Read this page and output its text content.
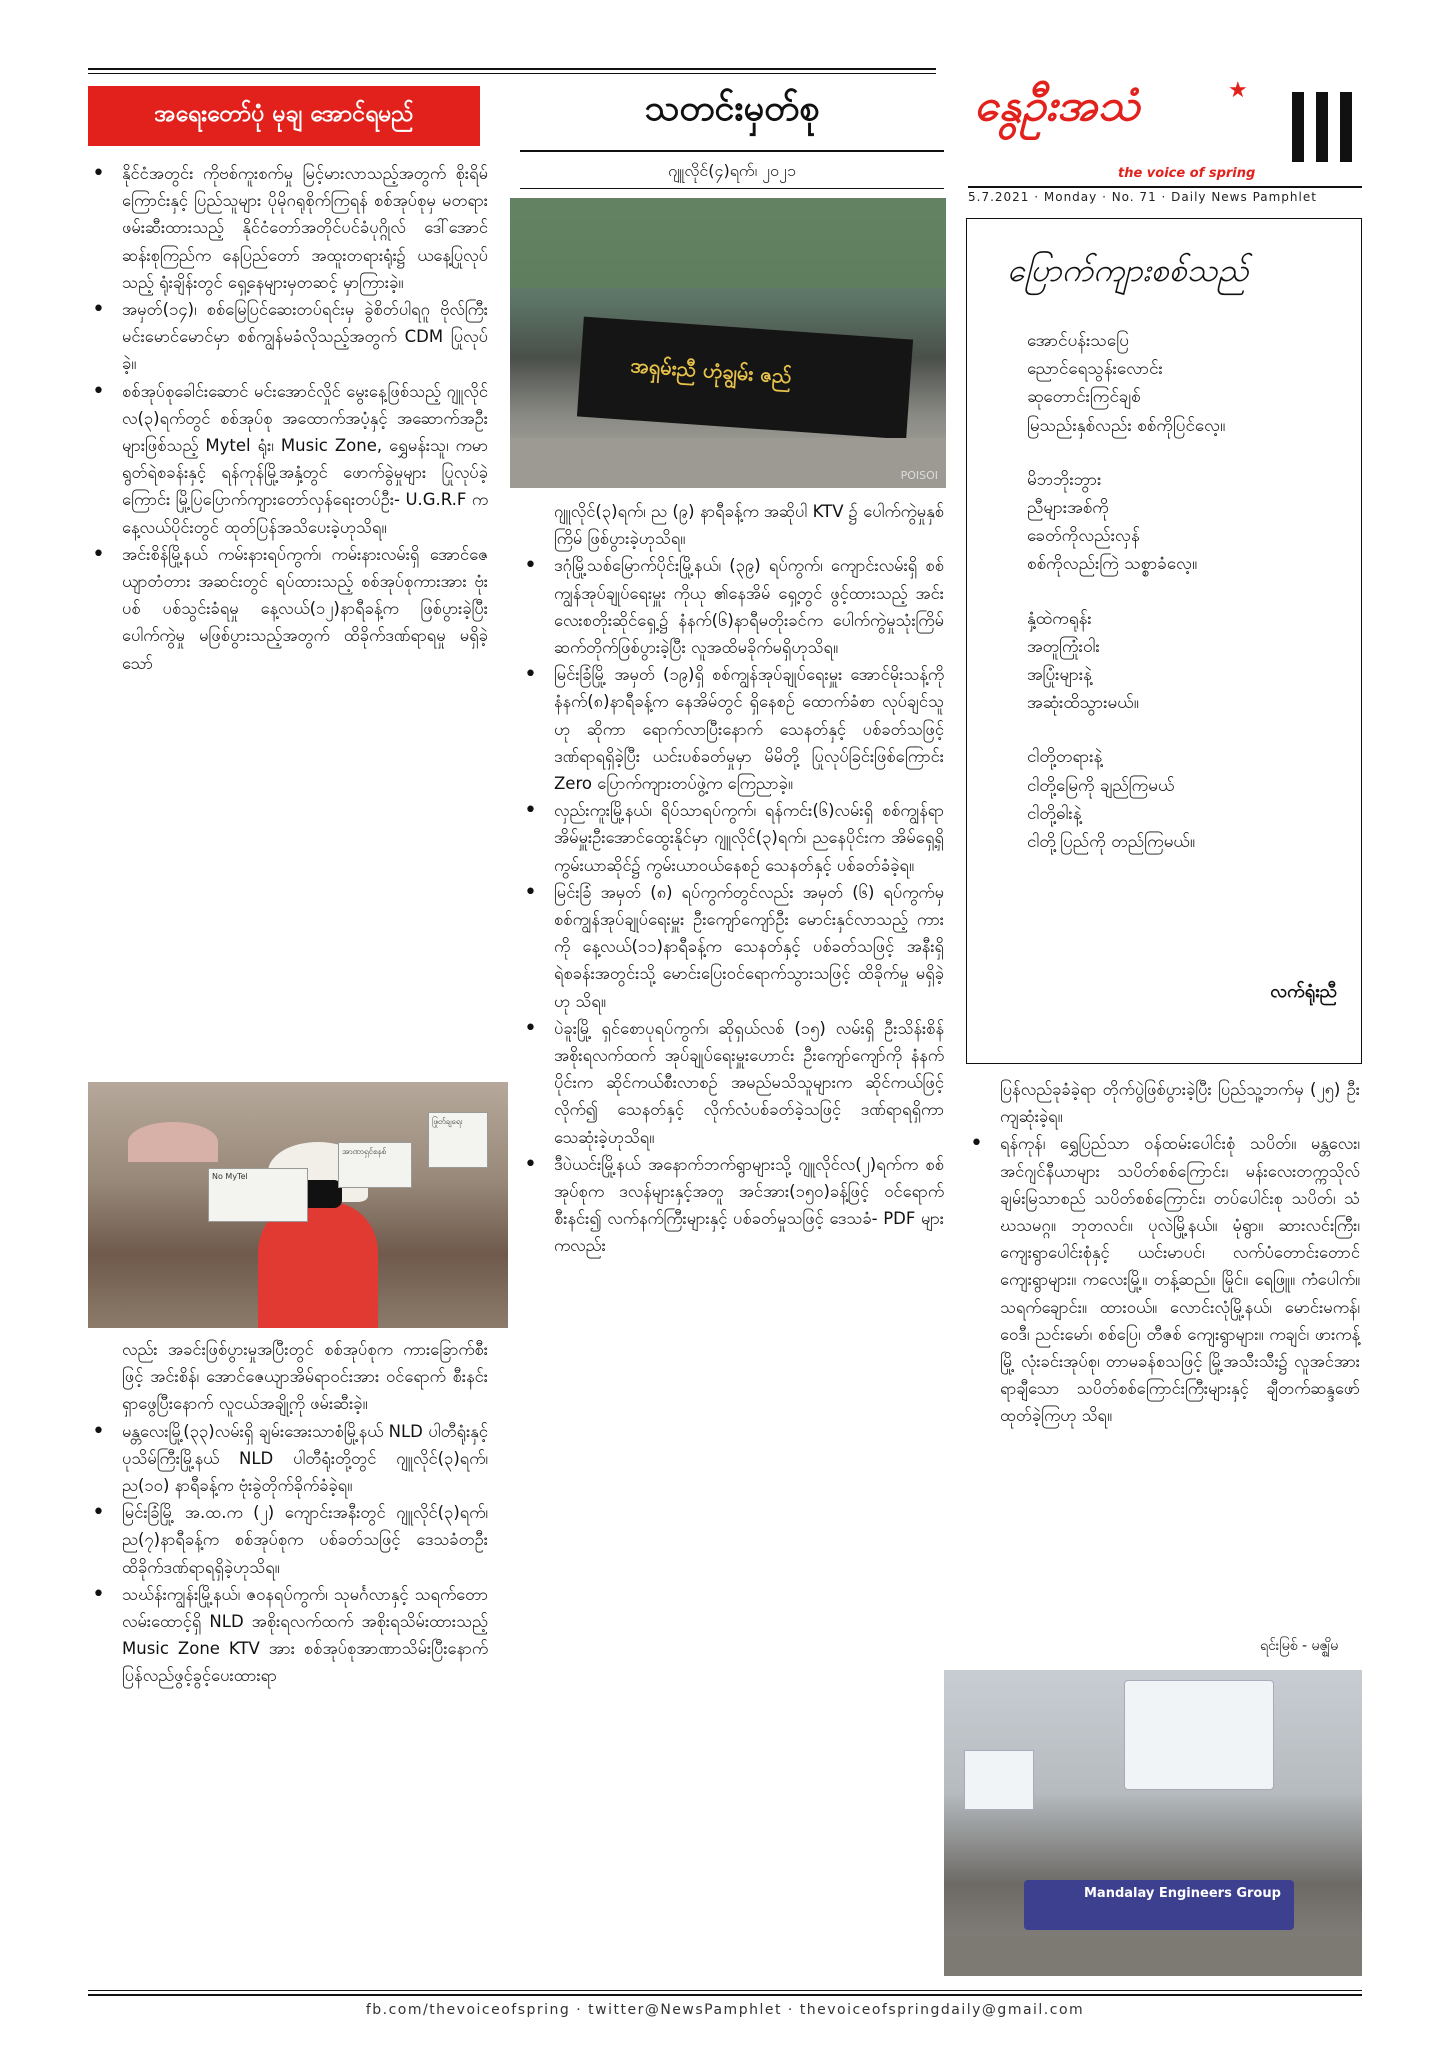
အရေးတော်ပုံ မုချ အောင်ရမည်
• နိုင်ငံအတွင်း ကိုဗစ်ကူးစက်မှု မြင့်မားလာသည့်အတွက် စိုးရိမ်ကြောင်းနှင့် ပြည်သူများ ပိုမိုဂရုစိုက်ကြရန် စစ်အုပ်စုမှ မတရားဖမ်းဆီးထားသည့် နိုင်ငံတော်အတိုင်ပင်ခံပုဂ္ဂိုလ် ဒေါ်အောင်ဆန်းစုကြည်က နေပြည်တော် အထူးတရားရုံး၌ ယနေ့ပြုလုပ်သည့် ရုံးချိန်းတွင် ရှေ့နေများမှတဆင့် မှာကြားခဲ့။
• အမှတ်(၁၄)၊ စစ်မြေပြင်ဆေးတပ်ရင်းမှ ခွဲစိတ်ပါရဂူ ဗိုလ်ကြီးမင်းမောင်မောင်မှာ စစ်ကျွန်မခံလိုသည့်အတွက် CDM ပြုလုပ်ခဲ့။
• စစ်အုပ်စုခေါင်းဆောင် မင်းအောင်လှိုင် မွေးနေ့ဖြစ်သည့် ဂျူလိုင်လ(၃)ရက်တွင် စစ်အုပ်စု အထောက်အပံ့နှင့် အဆောက်အဦးများဖြစ်သည့် Mytel ရုံး၊ Music Zone, ရွှေမန်းသူ၊ ကမာရွတ်ရဲစခန်းနှင့် ရန်ကုန်မြို့အနှံ့တွင် ဖောက်ခွဲမှုများ ပြုလုပ်ခဲ့ကြောင်း မြို့ပြပြောက်ကျားတော်လှန်ရေးတပ်ဦး- U.G.R.F က နေ့လယ်ပိုင်းတွင် ထုတ်ပြန်အသိပေးခဲ့ဟုသိရ။
• အင်းစိန်မြို့နယ် ကမ်းနားရပ်ကွက်၊ ကမ်းနားလမ်းရှိ အောင်ဇေယျာတံတား အဆင်းတွင် ရပ်ထားသည့် စစ်အုပ်စုကားအား ဗုံးပစ် ပစ်သွင်းခံရမှု နေ့လယ်(၁၂)နာရီခန့်က ဖြစ်ပွားခဲ့ပြီး ပေါက်ကွဲမှု မဖြစ်ပွားသည့်အတွက် ထိခိုက်ဒဏ်ရာရမှု မရှိခဲ့သော်
No MyTel
အာဏာရှင်စနစ်
ဖြုတ်ချရေး

လည်း အခင်းဖြစ်ပွားမှုအပြီးတွင် စစ်အုပ်စုက ကားခြောက်စီးဖြင့် အင်းစိန်၊ အောင်ဇေယျာအိမ်ရာဝင်းအား ဝင်ရောက် စီးနင်းရှာဖွေပြီးနောက် လူငယ်အချို့ကို ဖမ်းဆီးခဲ့။

• မန္တလေးမြို့(၃၃)လမ်းရှိ ချမ်းအေးသာစံမြို့နယ် NLD ပါတီရုံးနှင့် ပုသိမ်ကြီးမြို့နယ် NLD ပါတီရုံးတို့တွင် ဂျူလိုင်(၃)ရက်၊ ည(၁၀) နာရီခန့်က ဗုံးခွဲတိုက်ခိုက်ခံခဲ့ရ။
• မြင်းခြံမြို့ အ.ထ.က (၂) ကျောင်းအနီးတွင် ဂျူလိုင်(၃)ရက်၊ ည(၇)နာရီခန့်က စစ်အုပ်စုက ပစ်ခတ်သဖြင့် ဒေသခံတဦး ထိခိုက်ဒဏ်ရာရရှိခဲ့ဟုသိရ။
• သဃ်န်းကျွန်းမြို့နယ်၊ ဇဝနရပ်ကွက်၊ သုမင်္ဂလာနှင့် သရက်တောလမ်းထောင့်ရှိ NLD အစိုးရလက်ထက် အစိုးရသိမ်းထားသည့် Music Zone KTV အား စစ်အုပ်စုအာဏာသိမ်းပြီးနောက် ပြန်လည်ဖွင့်ခွင့်ပေးထားရာ
သတင်းမှတ်စု
ဂျူလိုင်(၄)ရက်၊ ၂၀၂၁
အရှမ်းညီ ဟုံချွမ်း ဇည်
POISOI

ဂျူလိုင်(၃)ရက်၊ ည (၉) နာရီခန့်က အဆိုပါ KTV ၌ ပေါက်ကွဲမှုနှစ်ကြိမ် ဖြစ်ပွားခဲ့ဟုသိရ။

• ဒဂုံမြို့သစ်မြောက်ပိုင်းမြို့နယ်၊ (၃၉) ရပ်ကွက်၊ ကျောင်းလမ်းရှိ စစ်ကျွန်အုပ်ချုပ်ရေးမှူး ကိုယု ၏နေအိမ် ရှေ့တွင် ဖွင့်ထားသည့် အင်းလေးစတိုးဆိုင်ရှေ့၌ နံနက်(၆)နာရီမတိုးခင်က ပေါက်ကွဲမှုသုံးကြိမ် ဆက်တိုက်ဖြစ်ပွားခဲ့ပြီး လူအထိမခိုက်မရှိဟုသိရ။
• မြင်းခြံမြို့ အမှတ် (၁၉)ရှိ စစ်ကျွန်အုပ်ချုပ်ရေးမှူး အောင်မိုးသန့်ကို နံနက်(၈)နာရီခန့်က နေအိမ်တွင် ရှိနေစဉ် ထောက်ခံစာ လုပ်ချင်သူဟု ဆိုကာ ရောက်လာပြီးနောက် သေနတ်နှင့် ပစ်ခတ်သဖြင့် ဒဏ်ရာရရှိခဲ့ပြီး ယင်းပစ်ခတ်မှုမှာ မိမိတို့ ပြုလုပ်ခြင်းဖြစ်ကြောင်း Zero ပြောက်ကျားတပ်ဖွဲ့က ကြေညာခဲ့။
• လှည်းကူးမြို့နယ်၊ ရိပ်သာရပ်ကွက်၊ ရန်ကင်း(၆)လမ်းရှိ စစ်ကျွန်ရာအိမ်မှူးဦးအောင်ထွေးနိုင်မှာ ဂျူလိုင်(၃)ရက်၊ ညနေပိုင်းက အိမ်ရှေ့ရှိ ကွမ်းယာဆိုင်၌ ကွမ်းယာဝယ်နေစဉ် သေနတ်နှင့် ပစ်ခတ်ခံခဲ့ရ။
• မြင်းခြံ အမှတ် (၈) ရပ်ကွက်တွင်လည်း အမှတ် (၆) ရပ်ကွက်မှ စစ်ကျွန်အုပ်ချုပ်ရေးမှူး ဦးကျော်ကျော်ဦး မောင်းနှင်လာသည့် ကားကို နေ့လယ်(၁၁)နာရီခန့်က သေနတ်နှင့် ပစ်ခတ်သဖြင့် အနီးရှိ ရဲစခန်းအတွင်းသို့ မောင်းပြေးဝင်ရောက်သွားသဖြင့် ထိခိုက်မှု မရှိခဲ့ဟု သိရ။
• ပဲခူးမြို့ ရှင်စောပုရပ်ကွက်၊ ဆိုရှယ်လစ် (၁၅) လမ်းရှိ ဦးသိန်းစိန်အစိုးရလက်ထက် အုပ်ချုပ်ရေးမှူးဟောင်း ဦးကျော်ကျော်ကို နံနက်ပိုင်းက ဆိုင်ကယ်စီးလာစဉ် အမည်မသိသူများက ဆိုင်ကယ်ဖြင့် လိုက်၍ သေနတ်နှင့် လိုက်လံပစ်ခတ်ခဲ့သဖြင့် ဒဏ်ရာရရှိကာ သေဆုံးခဲ့ဟုသိရ။
• ဒီပဲယင်းမြို့နယ် အနောက်ဘက်ရွာများသို့ ဂျူလိုင်လ(၂)ရက်က စစ်အုပ်စုက ဒလန်များနှင့်အတူ အင်အား(၁၅၀)ခန့်ဖြင့် ဝင်ရောက်စီးနင်း၍ လက်နက်ကြီးများနှင့် ပစ်ခတ်မှုသဖြင့် ဒေသခံ- PDF များကလည်း
နွေဦးအသံ	★
the voice of spring
5.7.2021 · Monday · No. 71 · Daily News Pamphlet
ပြောက်ကျားစစ်သည်
အောင်ပန်းသပြေ
ညောင်ရေသွန်းလောင်း
ဆုတောင်းကြင်ချစ်
မြသည်းနှစ်လည်း စစ်ကိုပြင်လေ့။
မိဘဘိုးဘွား
ညီများအစ်ကို
ခေတ်ကိုလည်းလှန်
စစ်ကိုလည်းကြဲ သစ္စာခံလေ့။
နှံ့ထဲကရုန်း
အတူကြုံးဝါး
အပြုံးများနဲ့
အဆုံးထိသွားမယ်။
ငါတို့တရားနဲ့
ငါတို့မြေကို ချည်ကြမယ်
ငါတို့ဓါးနဲ့
ငါတို့ပြည်ကို တည်ကြမယ်။
လက်ရုံးညီ

ပြန်လည်ခုခံခဲ့ရာ တိုက်ပွဲဖြစ်ပွားခဲ့ပြီး ပြည်သူ့ဘက်မှ (၂၅) ဦးကျဆုံးခဲ့ရ။

• ရန်ကုန်၊ ရွှေပြည်သာ ဝန်ထမ်းပေါင်းစုံ သပိတ်။ မန္တလေး၊ အင်ဂျင်နီယာများ သပိတ်စစ်ကြောင်း၊ မန်းလေးတက္ကသိုလ် ချမ်းမြသာစည် သပိတ်စစ်ကြောင်း၊ တပ်ပေါင်းစု သပိတ်၊ သံဃသမဂ္ဂ။ ဘုတလင်။ ပုလဲမြို့နယ်။ မုံရွာ။ ဆားလင်းကြီး၊ ကျေးရွာပေါင်းစုံနှင့် ယင်းမာပင်၊ လက်ပံတောင်းတောင် ကျေးရွာများ။ ကလေးမြို့။ တန့်ဆည်။ မြိုင်။ ရေဖြူ။ ကံပေါက်။ သရက်ချောင်း။ ထားဝယ်။ လောင်းလုံမြို့နယ်၊ မောင်းမကန်၊ ဝေဒီ၊ ညင်းမော်၊ စစ်ပြေ၊ တီဇစ် ကျေးရွာများ။ ကချင်၊ ဖားကန့် မြို့ လုံးခင်းအုပ်စု၊ တာမခန်စသဖြင့် မြို့အသီးသီး၌ လူအင်အား ရာချီသော သပိတ်စစ်ကြောင်းကြီးများနှင့် ချီတက်ဆန္ဒဖော် ထုတ်ခဲ့ကြဟု သိရ။
ရင်းမြစ် - မဇ္ဈိမ
Mandalay Engineers Group
fb.com/thevoiceofspring · twitter@NewsPamphlet · thevoiceofspringdaily@gmail.com
